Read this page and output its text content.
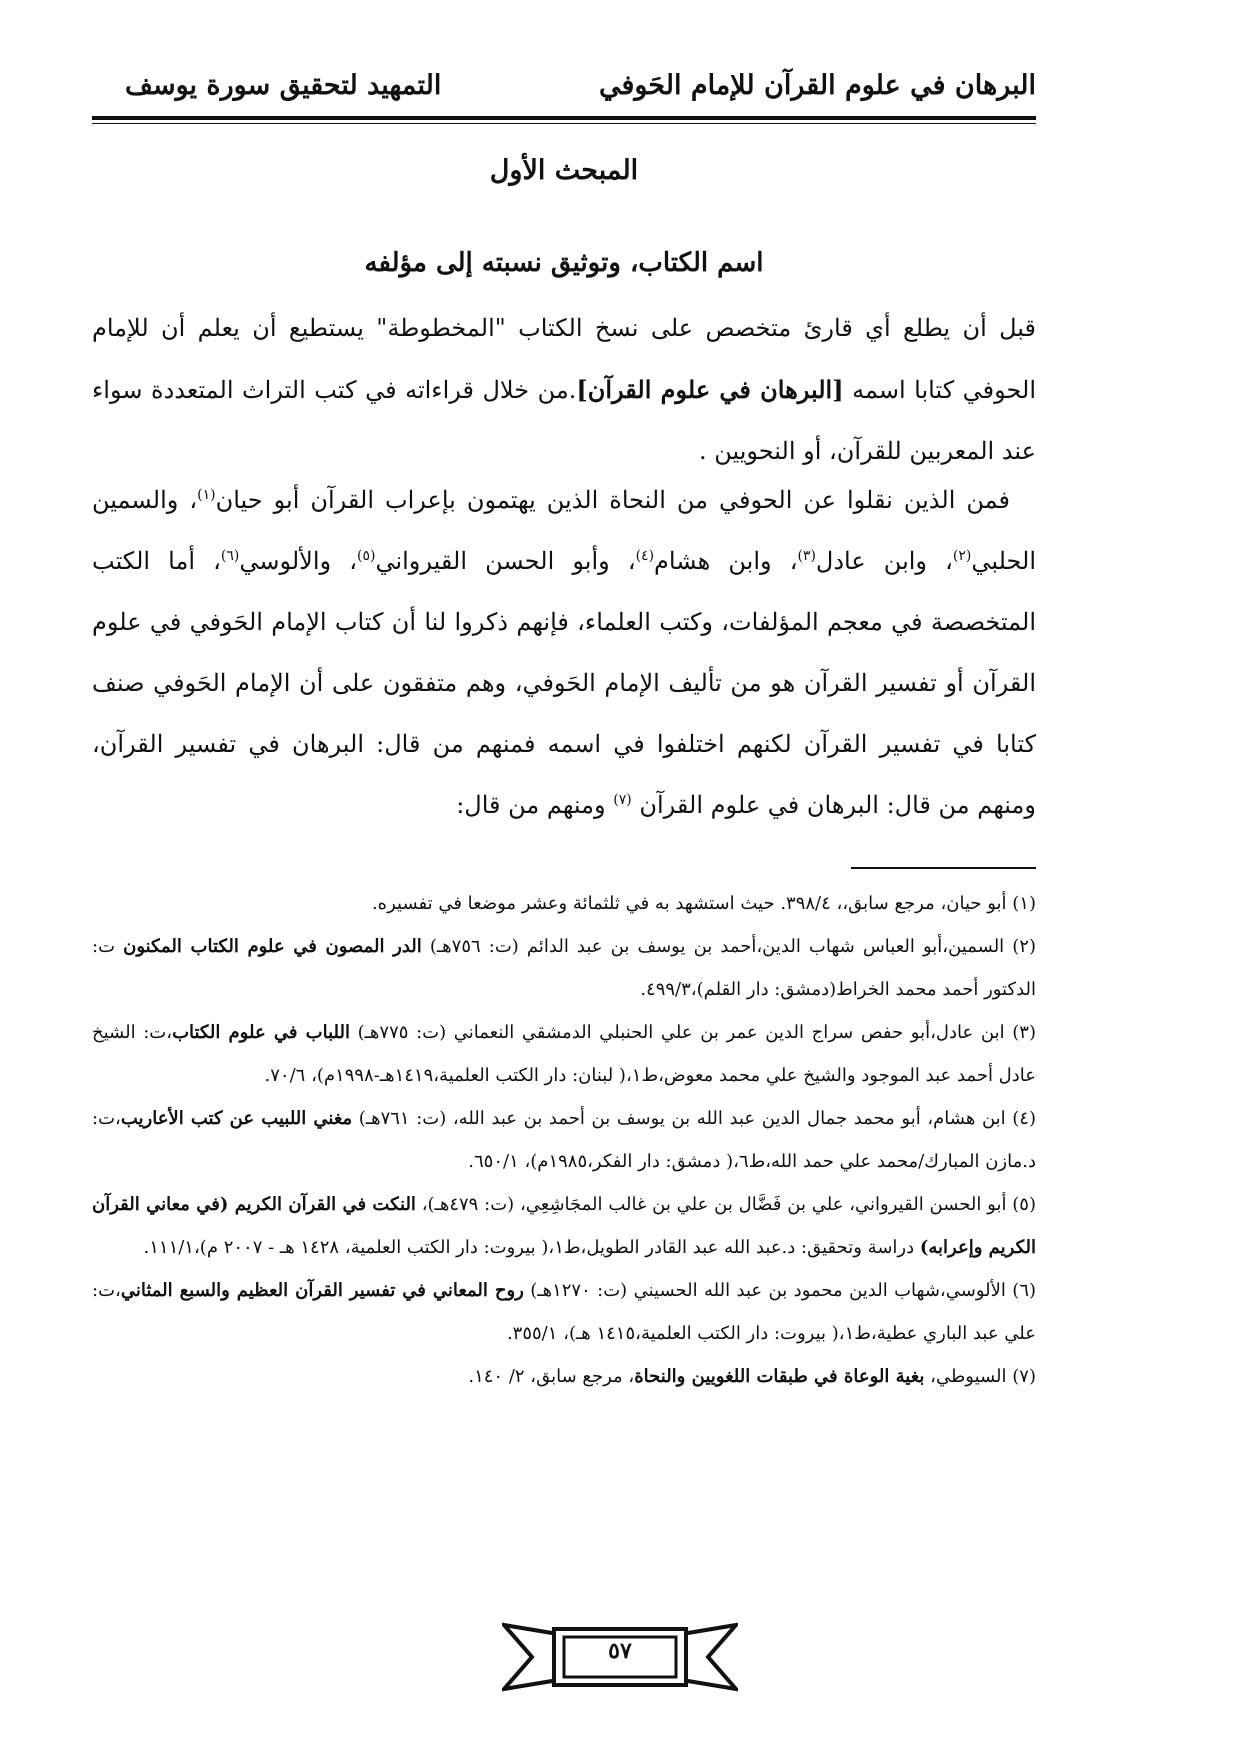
البرهان في علوم القرآن للإمام الحَوفي
التمهيد لتحقيق سورة يوسف
المبحث الأول
اسم الكتاب، وتوثيق نسبته إلى مؤلفه

قبل أن يطلع أي قارئ متخصص على نسخ الكتاب "المخطوطة" يستطيع أن يعلم أن للإمام الحوفي كتابا اسمه [البرهان في علوم القرآن].من خلال قراءاته في كتب التراث المتعددة سواء عند المعربين للقرآن، أو النحويين .

فمن الذين نقلوا عن الحوفي من النحاة الذين يهتمون بإعراب القرآن أبو حيان$^{(١)}$، والسمين الحلبي$^{(٢)}$، وابن عادل$^{(٣)}$، وابن هشام$^{(٤)}$، وأبو الحسن القيرواني$^{(٥)}$، والألوسي$^{(٦)}$، أما الكتب المتخصصة في معجم المؤلفات، وكتب العلماء، فإنهم ذكروا لنا أن كتاب الإمام الحَوفي في علوم القرآن أو تفسير القرآن هو من تأليف الإمام الحَوفي، وهم متفقون على أن الإمام الحَوفي صنف كتابا في تفسير القرآن لكنهم اختلفوا في اسمه فمنهم من قال: البرهان في تفسير القرآن، ومنهم من قال: البرهان في علوم القرآن $^{(٧)}$ ومنهم من قال:

(١) أبو حيان، مرجع سابق،، ٣٩٨/٤. حيث استشهد به في ثلثمائة وعشر موضعا في تفسيره.

(٢) السمين،أبو العباس شهاب الدين،أحمد بن يوسف بن عبد الدائم (ت: ٧٥٦هـ) الدر المصون في علوم الكتاب المكنون ت: الدكتور أحمد محمد الخراط(دمشق: دار القلم)،٤٩٩/٣.

(٣) ابن عادل،أبو حفص سراج الدين عمر بن علي الحنبلي الدمشقي النعماني (ت: ٧٧٥هـ) اللباب في علوم الكتاب،ت: الشيخ عادل أحمد عبد الموجود والشيخ علي محمد معوض،ط١،( لبنان: دار الكتب العلمية،١٤١٩هـ-١٩٩٨م)، ٧٠/٦.

(٤) ابن هشام، أبو محمد جمال الدين عبد الله بن يوسف بن أحمد بن عبد الله، (ت: ٧٦١هـ) مغني اللبيب عن كتب الأعاريب،ت: د.مازن المبارك/محمد علي حمد الله،ط٦،( دمشق: دار الفكر،١٩٨٥م)، ٦٥٠/١.

(٥) أبو الحسن القيرواني، علي بن فَضَّال بن علي بن غالب المجَاشِعِي، (ت: ٤٧٩هـ)، النكت في القرآن الكريم (في معاني القرآن الكريم وإعرابه) دراسة وتحقيق: د.عبد الله عبد القادر الطويل،ط١،( بيروت: دار الكتب العلمية، ١٤٢٨ هـ - ٢٠٠٧ م)،١١١/١.

(٦) الألوسي،شهاب الدين محمود بن عبد الله الحسيني (ت: ١٢٧٠هـ) روح المعاني في تفسير القرآن العظيم والسبع المثاني،ت: علي عبد الباري عطية،ط١،( بيروت: دار الكتب العلمية،١٤١٥ هـ)، ٣٥٥/١.

(٧) السيوطي، بغية الوعاة في طبقات اللغويين والنحاة، مرجع سابق، ٢/ ١٤٠.

٥٧
